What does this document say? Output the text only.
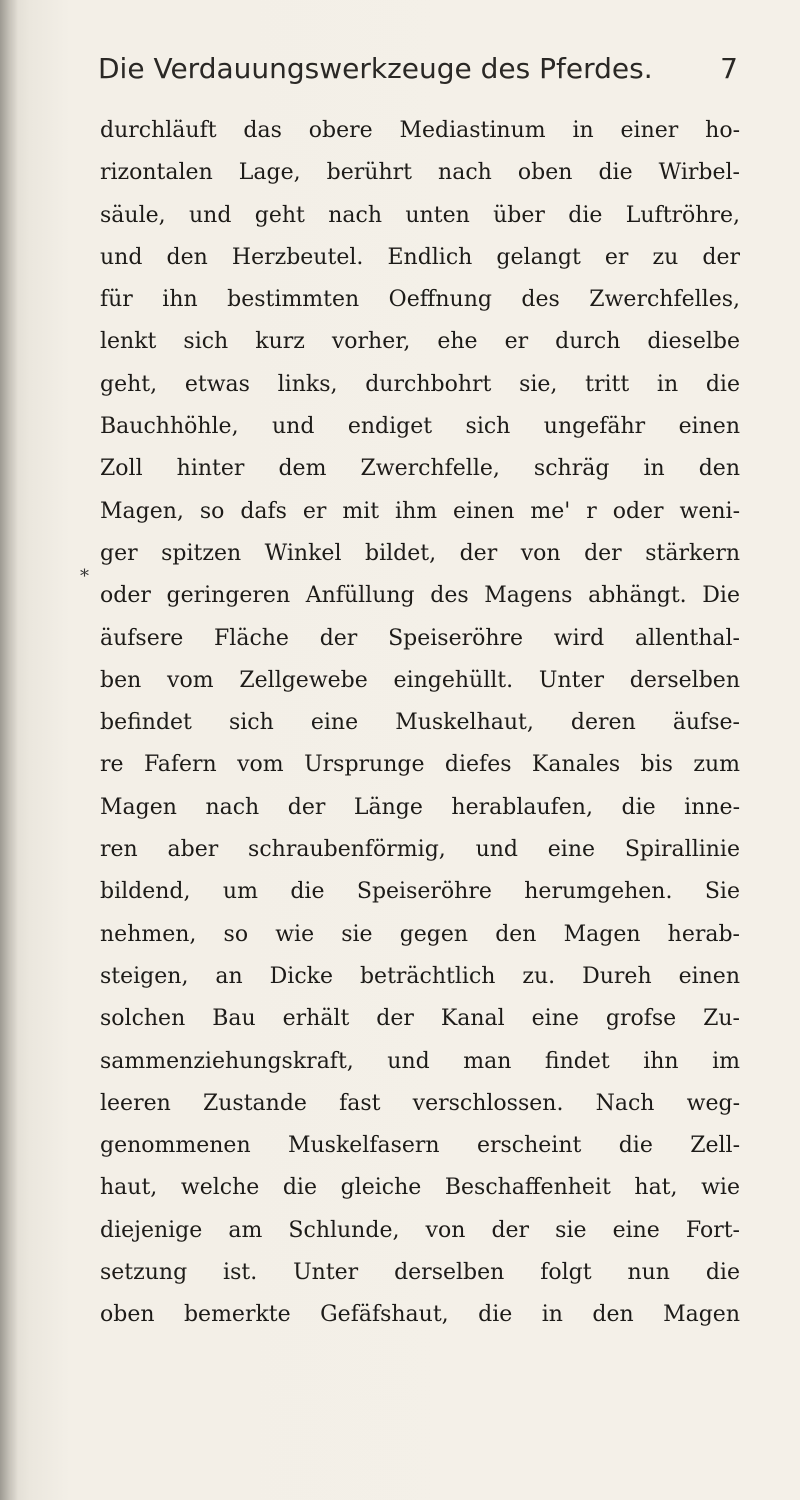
Die Verdauungswerkzeuge des Pferdes. 7
*
durchläuft das obere Mediastinum in einer ho-
rizontalen Lage, berührt nach oben die Wirbel-
säule, und geht nach unten über die Luftröhre,
und den Herzbeutel. Endlich gelangt er zu der
für ihn bestimmten Oeffnung des Zwerchfelles,
lenkt sich kurz vorher, ehe er durch dieselbe
geht, etwas links, durchbohrt sie, tritt in die
Bauchhöhle, und endiget sich ungefähr einen
Zoll hinter dem Zwerchfelle, schräg in den
Magen, so dafs er mit ihm einen me' r oder weni-
ger spitzen Winkel bildet, der von der stärkern
oder geringeren Anfüllung des Magens abhängt. Die
äufsere Fläche der Speiseröhre wird allenthal-
ben vom Zellgewebe eingehüllt. Unter derselben
befindet sich eine Muskelhaut, deren äufse-
re Fafern vom Ursprunge diefes Kanales bis zum
Magen nach der Länge herablaufen, die inne-
ren aber schraubenförmig, und eine Spirallinie
bildend, um die Speiseröhre herumgehen. Sie
nehmen, so wie sie gegen den Magen herab-
steigen, an Dicke beträchtlich zu. Dureh einen
solchen Bau erhält der Kanal eine grofse Zu-
sammenziehungskraft, und man findet ihn im
leeren Zustande fast verschlossen. Nach weg-
genommenen Muskelfasern erscheint die Zell-
haut, welche die gleiche Beschaffenheit hat, wie
diejenige am Schlunde, von der sie eine Fort-
setzung ist. Unter derselben folgt nun die
oben bemerkte Gefäfshaut, die in den Magen
